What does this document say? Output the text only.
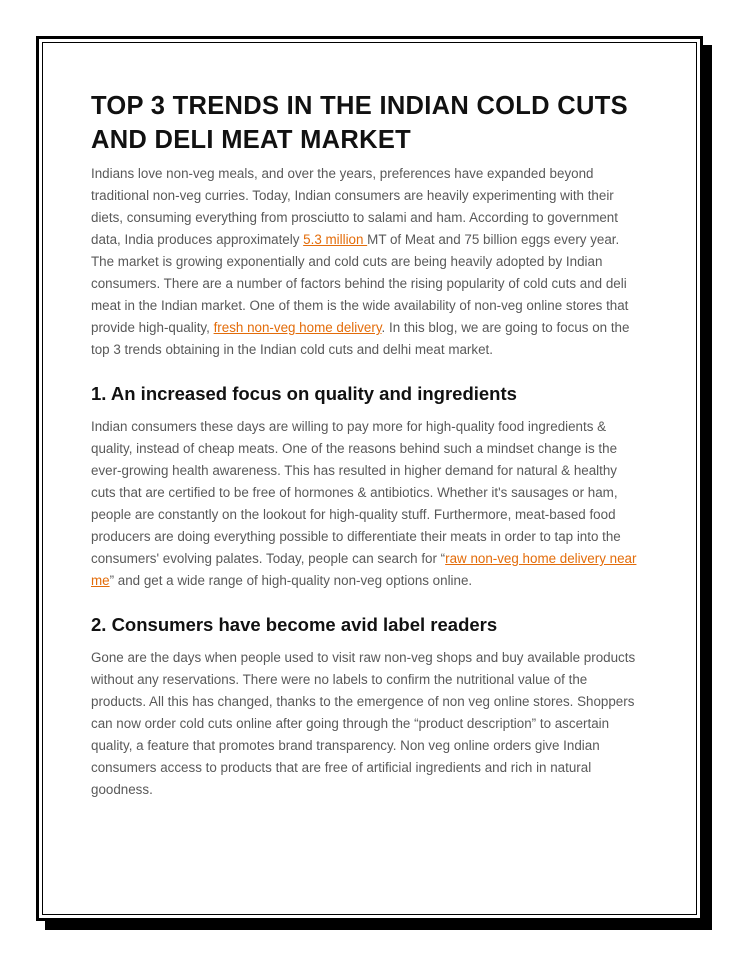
TOP 3 TRENDS IN THE INDIAN COLD CUTS AND DELI MEAT MARKET

Indians love non-veg meals, and over the years, preferences have expanded beyond traditional non-veg curries. Today, Indian consumers are heavily experimenting with their diets, consuming everything from prosciutto to salami and ham. According to government data, India produces approximately 5.3 million MT of Meat and 75 billion eggs every year. The market is growing exponentially and cold cuts are being heavily adopted by Indian consumers. There are a number of factors behind the rising popularity of cold cuts and deli meat in the Indian market. One of them is the wide availability of non-veg online stores that provide high-quality, fresh non-veg home delivery. In this blog, we are going to focus on the top 3 trends obtaining in the Indian cold cuts and delhi meat market.

1. An increased focus on quality and ingredients

Indian consumers these days are willing to pay more for high-quality food ingredients & quality, instead of cheap meats. One of the reasons behind such a mindset change is the ever-growing health awareness. This has resulted in higher demand for natural & healthy cuts that are certified to be free of hormones & antibiotics. Whether it's sausages or ham, people are constantly on the lookout for high-quality stuff. Furthermore, meat-based food producers are doing everything possible to differentiate their meats in order to tap into the consumers' evolving palates. Today, people can search for “raw non-veg home delivery near me” and get a wide range of high-quality non-veg options online.

2. Consumers have become avid label readers

Gone are the days when people used to visit raw non-veg shops and buy available products without any reservations. There were no labels to confirm the nutritional value of the products. All this has changed, thanks to the emergence of non veg online stores. Shoppers can now order cold cuts online after going through the “product description” to ascertain quality, a feature that promotes brand transparency. Non veg online orders give Indian consumers access to products that are free of artificial ingredients and rich in natural goodness.
